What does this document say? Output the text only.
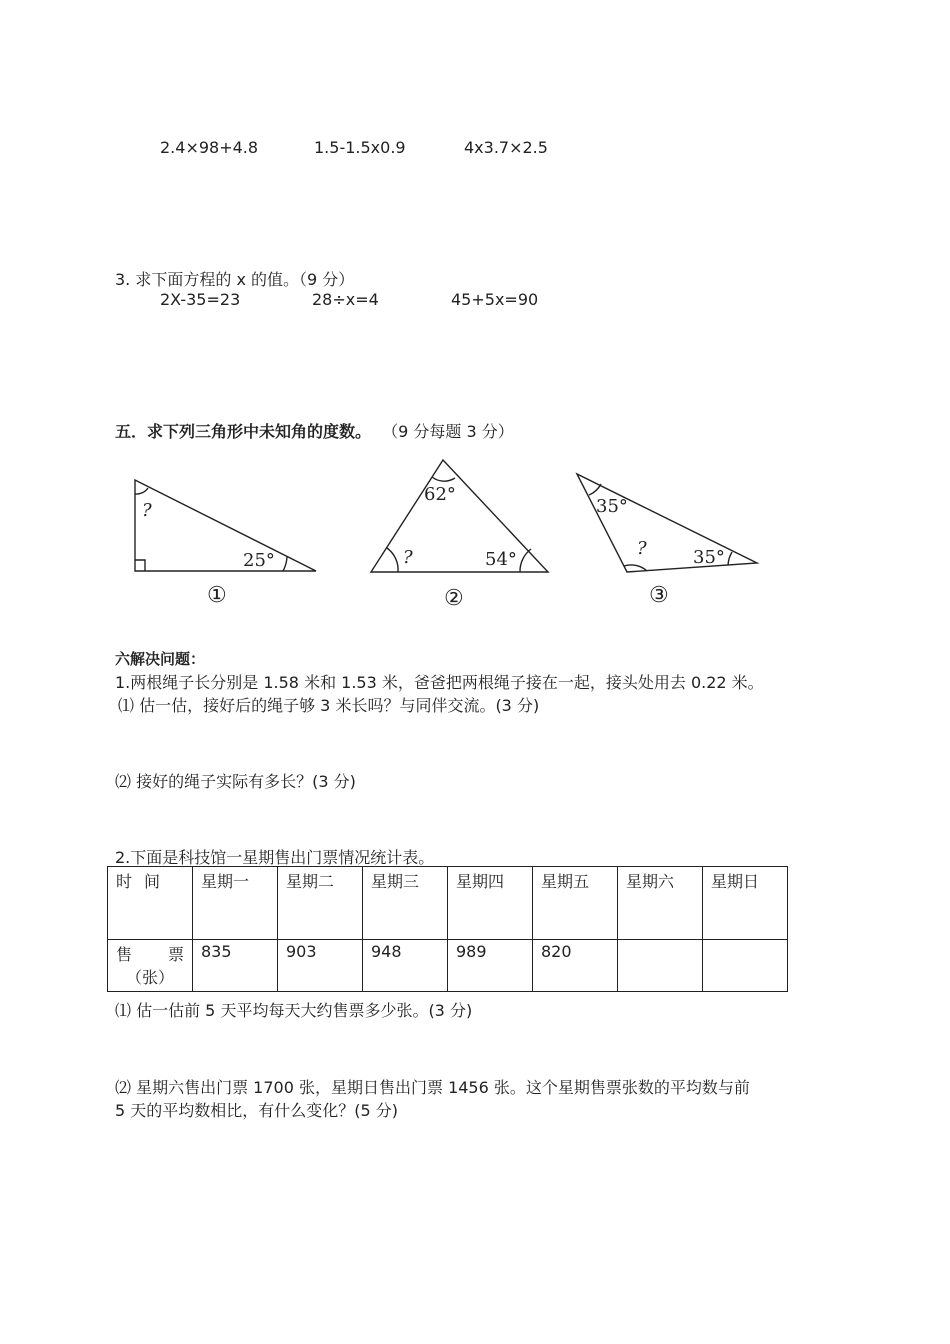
2.4×98+4.8	1.5-1.5x0.9	4x3.7×2.5
3. 求下面方程的 x 的值。（9 分）
2X-35=23	28÷x=4	45+5x=90
五．求下列三角形中未知角的度数。 （9 分每题 3 分）
?
25°
①
62°
?	54°
②
35°
?	35°
③
六解决问题：
1.两根绳子长分别是 1.58 米和 1.53 米，爸爸把两根绳子接在一起，接头处用去 0.22 米。
⑴ 估一估，接好后的绳子够 3 米长吗？与同伴交流。(3 分)
⑵ 接好的绳子实际有多长？(3 分)
2.下面是科技馆一星期售出门票情况统计表。
时 间	星期一	星期二	星期三	星期四	星期五	星期六	星期日

售 票
（张）	835	903	948	989	820		
⑴ 估一估前 5 天平均每天大约售票多少张。(3 分)
⑵ 星期六售出门票 1700 张，星期日售出门票 1456 张。这个星期售票张数的平均数与前
5 天的平均数相比，有什么变化？(5 分)
